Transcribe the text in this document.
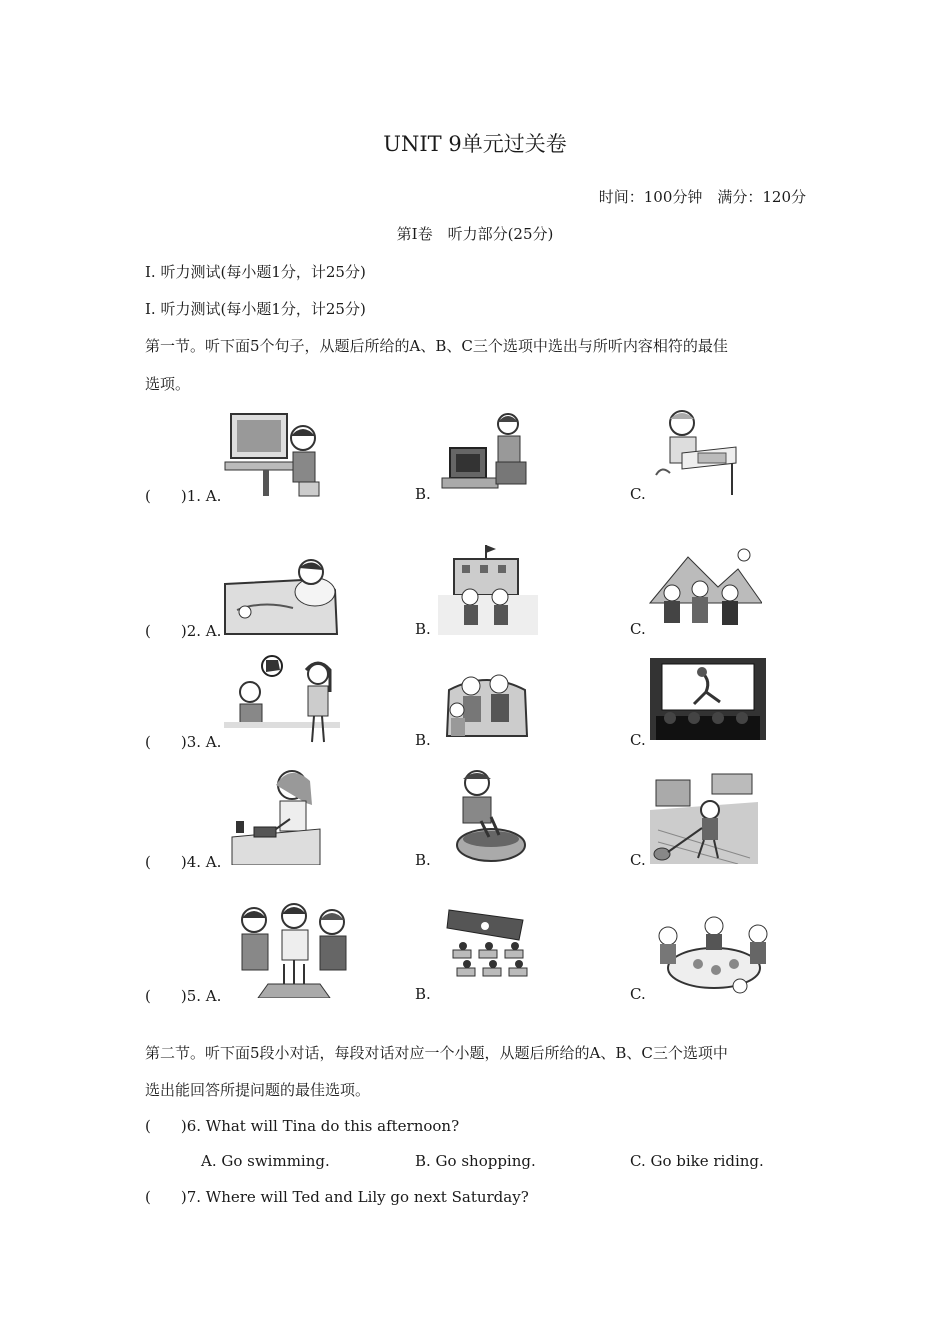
UNIT 9单元过关卷
时间：100分钟　满分：120分
第Ⅰ卷　听力部分(25分)
Ⅰ. 听力测试(每小题1分，计25分)
Ⅰ. 听力测试(每小题1分，计25分)
第一节。听下面5个句子，从题后所给的A、B、C三个选项中选出与所听内容相符的最佳
选项。
(　　)1. A.	B.	C.
(　　)2. A.	B.	C.
(　　)3. A.	B.	C.
(　　)4. A.	B.	C.
(　　)5. A.	B.	C.
第二节。听下面5段小对话，每段对话对应一个小题，从题后所给的A、B、C三个选项中
选出能回答所提问题的最佳选项。
(　　)6. What will Tina do this afternoon?
A. Go swimming.	B. Go shopping.	C. Go bike riding.
(　　)7. Where will Ted and Lily go next Saturday?
